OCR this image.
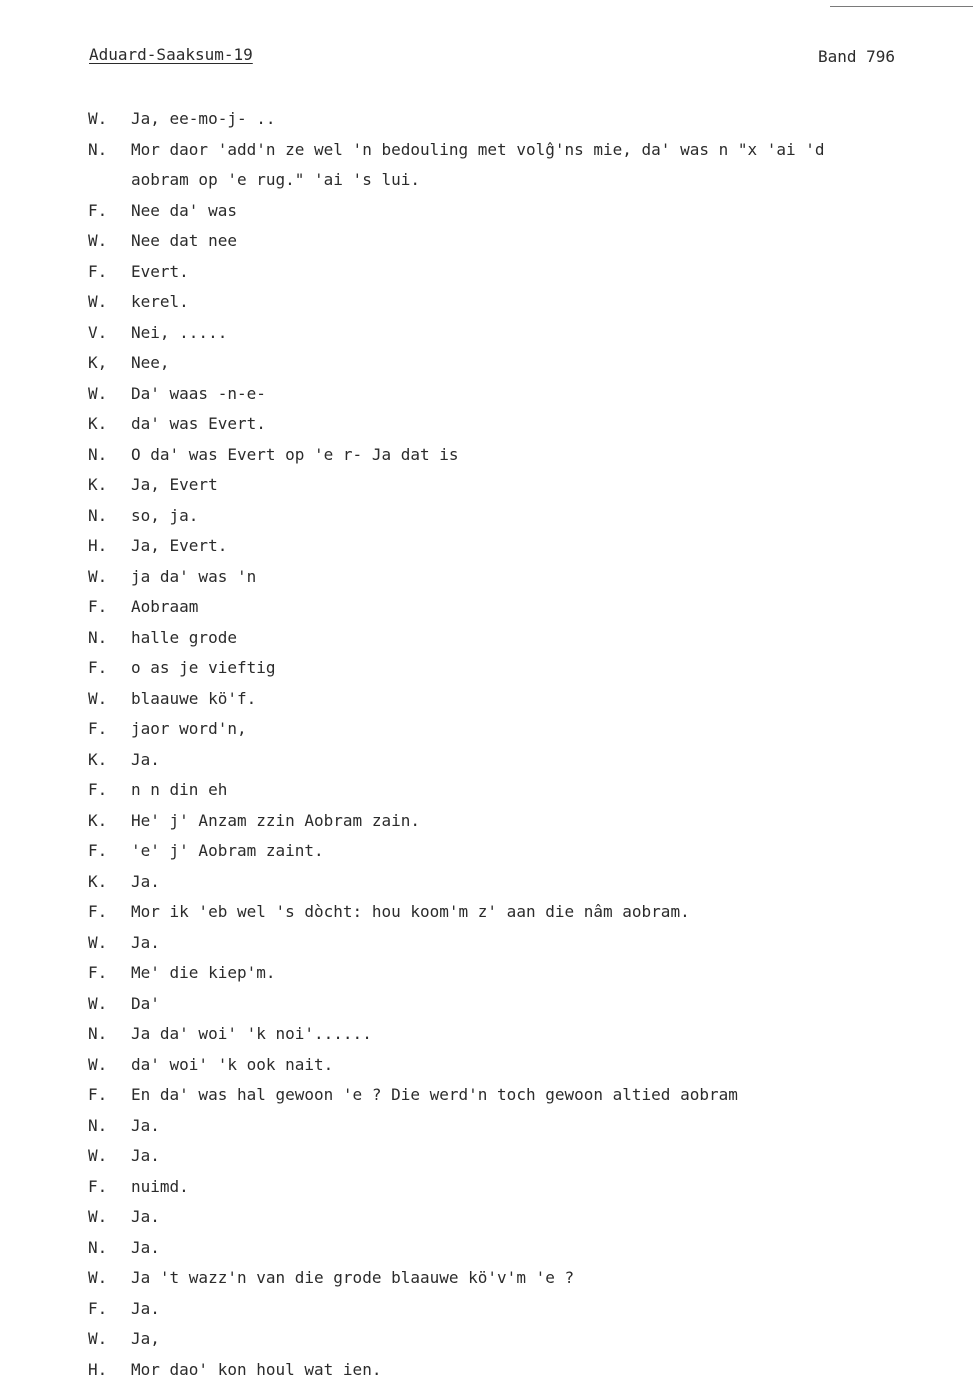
Aduard-Saaksum-19	Band 796
W. Ja, ee-mo-j- ..
N. Mor daor 'add'n ze wel 'n bedouling met volĝ'ns mie, da' was n "x 'ai 'd
aobram op 'e rug." 'ai 's lui.
F. Nee da' was
W. Nee dat nee
F. Evert.
W. kerel.
V. Nei, .....
K, Nee,
W. Da' waas -n-e-
K. da' was Evert.
N. O da' was Evert op 'e r- Ja dat is
K. Ja, Evert
N. so, ja.
H. Ja, Evert.
W. ja da' was 'n
F. Aobraam
N. halle grode
F. o as je vieftig
W. blaauwe kö'f.
F. jaor word'n,
K. Ja.
F. n n din eh
K. He' j' Anzam zzin Aobram zain.
F. 'e' j' Aobram zaint.
K. Ja.
F. Mor ik 'eb wel 's dòcht: hou koom'm z' aan die nâm aobram.
W. Ja.
F. Me' die kiep'm.
W. Da'
N. Ja da' woi' 'k noi'......
W. da' woi' 'k ook nait.
F. En da' was hal gewoon 'e ? Die werd'n toch gewoon altied aobram
N. Ja.
W. Ja.
F. nuimd.
W. Ja.
N. Ja.
W. Ja 't wazz'n van die grode blaauwe kö'v'm 'e ?
F. Ja.
W. Ja,
H. Mor dao' kon houl wat ien.
